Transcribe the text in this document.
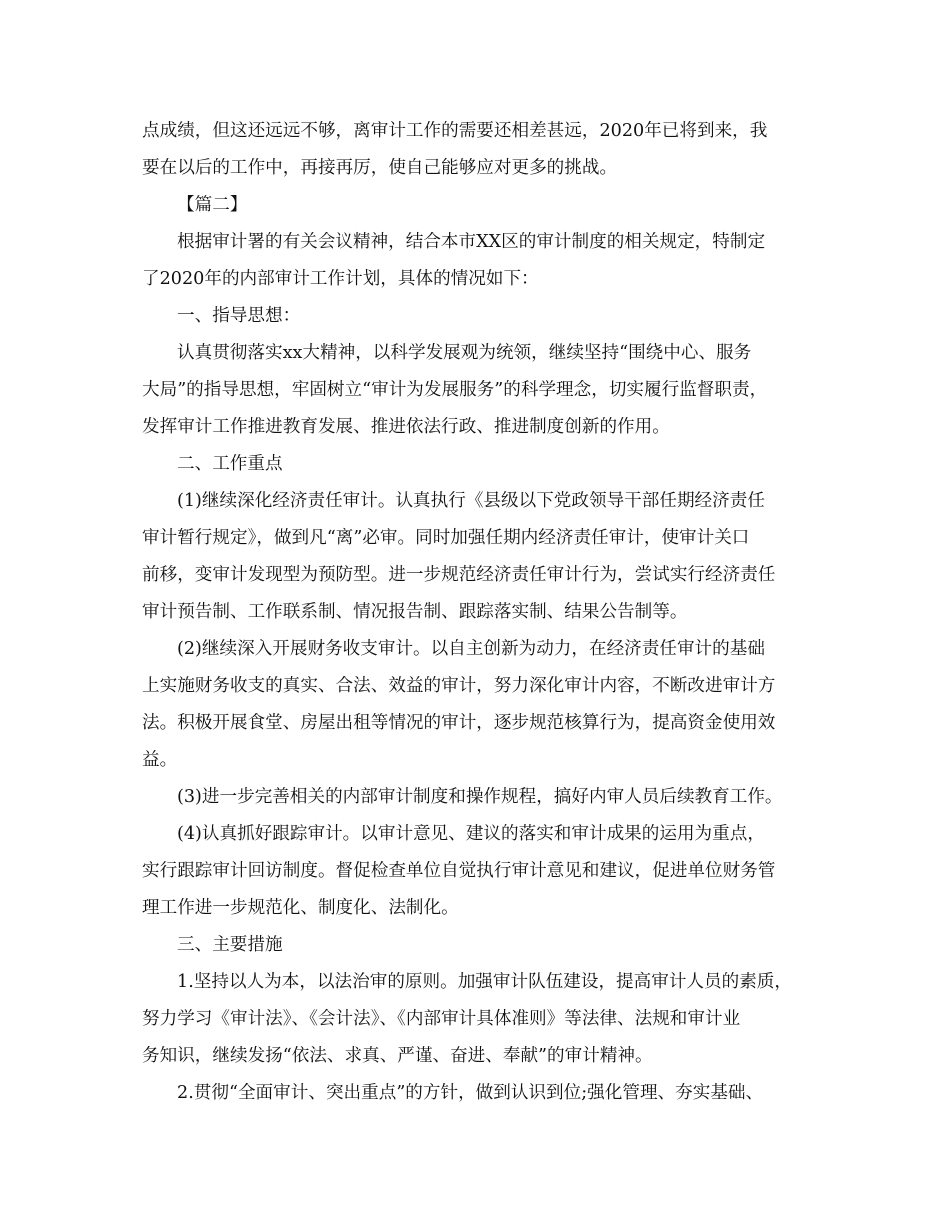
点成绩，但这还远远不够，离审计工作的需要还相差甚远，2020年已将到来，我

要在以后的工作中，再接再厉，使自己能够应对更多的挑战。

【篇二】

根据审计署的有关会议精神，结合本市XX区的审计制度的相关规定，特制定

了2020年的内部审计工作计划，具体的情况如下：

一、指导思想：

认真贯彻落实xx大精神，以科学发展观为统领，继续坚持“围绕中心、服务

大局”的指导思想，牢固树立“审计为发展服务”的科学理念，切实履行监督职责，

发挥审计工作推进教育发展、推进依法行政、推进制度创新的作用。

二、工作重点

(1)继续深化经济责任审计。认真执行《县级以下党政领导干部任期经济责任

审计暂行规定》，做到凡“离”必审。同时加强任期内经济责任审计，使审计关口

前移，变审计发现型为预防型。进一步规范经济责任审计行为，尝试实行经济责任

审计预告制、工作联系制、情况报告制、跟踪落实制、结果公告制等。

(2)继续深入开展财务收支审计。以自主创新为动力，在经济责任审计的基础

上实施财务收支的真实、合法、效益的审计，努力深化审计内容，不断改进审计方

法。积极开展食堂、房屋出租等情况的审计，逐步规范核算行为，提高资金使用效

益。

(3)进一步完善相关的内部审计制度和操作规程，搞好内审人员后续教育工作。

(4)认真抓好跟踪审计。以审计意见、建议的落实和审计成果的运用为重点，

实行跟踪审计回访制度。督促检查单位自觉执行审计意见和建议，促进单位财务管

理工作进一步规范化、制度化、法制化。

三、主要措施

1.坚持以人为本，以法治审的原则。加强审计队伍建设，提高审计人员的素质，

努力学习《审计法》、《会计法》、《内部审计具体准则》等法律、法规和审计业

务知识，继续发扬“依法、求真、严谨、奋进、奉献”的审计精神。

2.贯彻“全面审计、突出重点”的方针，做到认识到位;强化管理、夯实基础、
